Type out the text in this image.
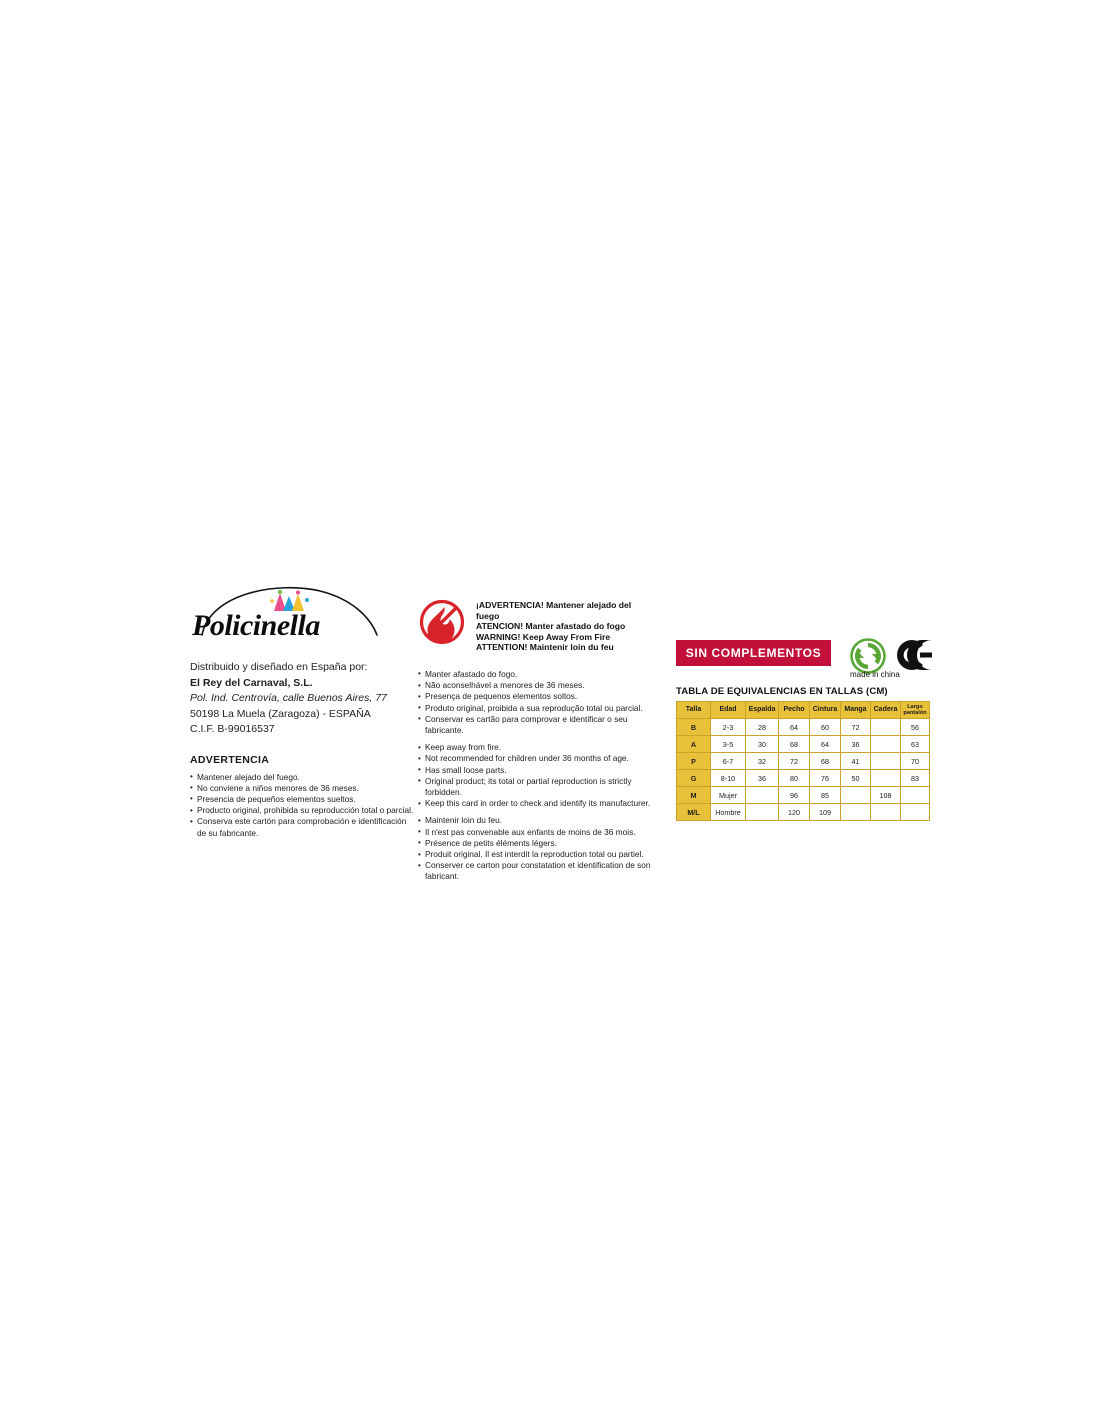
Policinella
Distribuido y diseñado en España por:
El Rey del Carnaval, S.L.
Pol. Ind. Centrovía, calle Buenos Aires, 77
50198 La Muela (Zaragoza) - ESPAÑA
C.I.F. B-99016537
ADVERTENCIA
• Mantener alejado del fuego.
• No conviene a niños menores de 36 meses.
• Presencia de pequeños elementos sueltos.
• Producto original, prohibida su reproducción total o parcial.
• Conserva este cartón para comprobación e identificación
de su fabricante.
¡ADVERTENCIA! Mantener alejado del fuego
ATENCION! Manter afastado do fogo
WARNING! Keep Away From Fire
ATTENTION! Maintenir loin du feu
• Manter afastado do fogo.
• Não aconselhável a menores de 36 meses.
• Presença de pequenos elementos soltos.
• Produto original, proibida a sua reprodução total ou parcial.
• Conservar es cartão para comprovar e identificar o seu fabricante.
• Keep away from fire.
• Not recommended for children under 36 months of age.
• Has small loose parts.
• Original product; its total or partial reproduction is strictly forbidden.
• Keep this card in order to check and identify its manufacturer.
• Maintenir loin du feu.
• Il n'est pas convenable aux enfants de moins de 36 mois.
• Présence de petits éléments légers.
• Produit original. Il est interdit la reproduction total ou partiel.
• Conserver ce carton pour constatation et identification de son
fabricant.
SIN COMPLEMENTOS
made in china
TABLA DE EQUIVALENCIAS EN TALLAS (CM)
Talla	Edad	Espalda	Pecho	Cintura	Manga	Cadera	Largo pantalón

B	2-3	28	64	60	72		56
A	3-5	30	68	64	36		63
P	6-7	32	72	68	41		70
G	8-10	36	80	76	50		83
M	Mujer		96	85		108	
M/L	Hombre		120	109			
